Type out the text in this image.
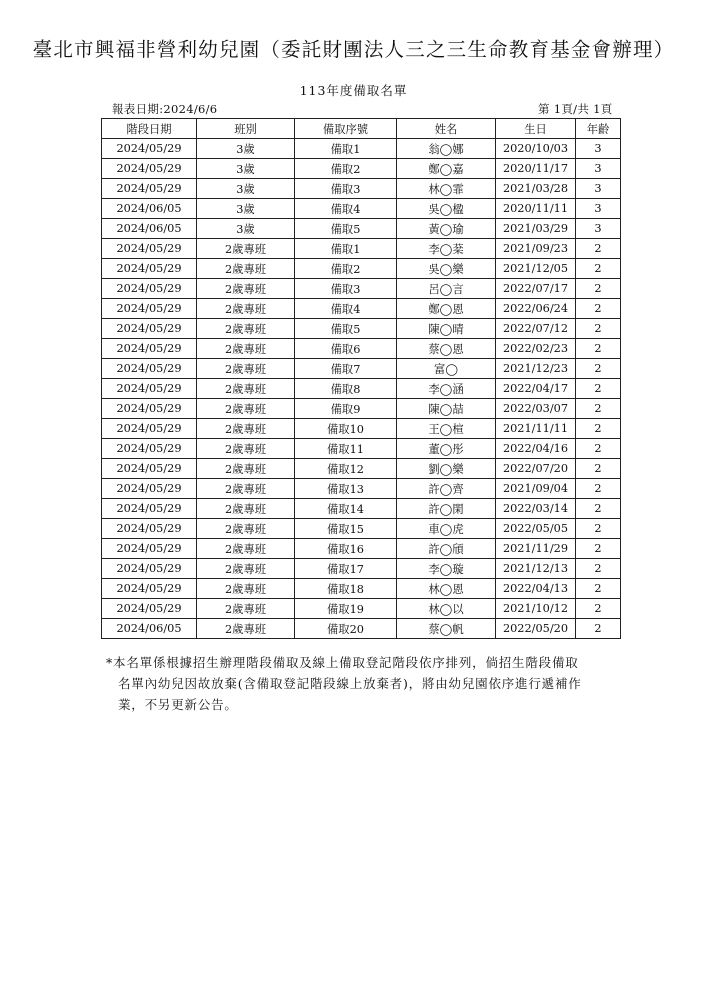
臺北市興福非營利幼兒園（委託財團法人三之三生命教育基金會辦理）
113年度備取名單
報表日期:2024/6/6	第 1頁/共 1頁
階段日期	班別	備取序號	姓名	生日	年齡
2024/05/29	3歲	備取1	翁◯娜	2020/10/03	3
2024/05/29	3歲	備取2	鄭◯嘉	2020/11/17	3
2024/05/29	3歲	備取3	林◯霏	2021/03/28	3
2024/06/05	3歲	備取4	吳◯楹	2020/11/11	3
2024/06/05	3歲	備取5	黃◯瑜	2021/03/29	3
2024/05/29	2歲專班	備取1	李◯棻	2021/09/23	2
2024/05/29	2歲專班	備取2	吳◯樂	2021/12/05	2
2024/05/29	2歲專班	備取3	呂◯言	2022/07/17	2
2024/05/29	2歲專班	備取4	鄭◯恩	2022/06/24	2
2024/05/29	2歲專班	備取5	陳◯晴	2022/07/12	2
2024/05/29	2歲專班	備取6	蔡◯恩	2022/02/23	2
2024/05/29	2歲專班	備取7	富◯	2021/12/23	2
2024/05/29	2歲專班	備取8	李◯涵	2022/04/17	2
2024/05/29	2歲專班	備取9	陳◯喆	2022/03/07	2
2024/05/29	2歲專班	備取10	王◯楦	2021/11/11	2
2024/05/29	2歲專班	備取11	董◯彤	2022/04/16	2
2024/05/29	2歲專班	備取12	劉◯樂	2022/07/20	2
2024/05/29	2歲專班	備取13	許◯齊	2021/09/04	2
2024/05/29	2歲專班	備取14	許◯閑	2022/03/14	2
2024/05/29	2歲專班	備取15	車◯虎	2022/05/05	2
2024/05/29	2歲專班	備取16	許◯頎	2021/11/29	2
2024/05/29	2歲專班	備取17	李◯璇	2021/12/13	2
2024/05/29	2歲專班	備取18	林◯恩	2022/04/13	2
2024/05/29	2歲專班	備取19	林◯以	2021/10/12	2
2024/06/05	2歲專班	備取20	蔡◯帆	2022/05/20	2
*本名單係根據招生辦理階段備取及線上備取登記階段依序排列，倘招生階段備取
名單內幼兒因故放棄(含備取登記階段線上放棄者)，將由幼兒園依序進行遞補作
業，不另更新公告。
